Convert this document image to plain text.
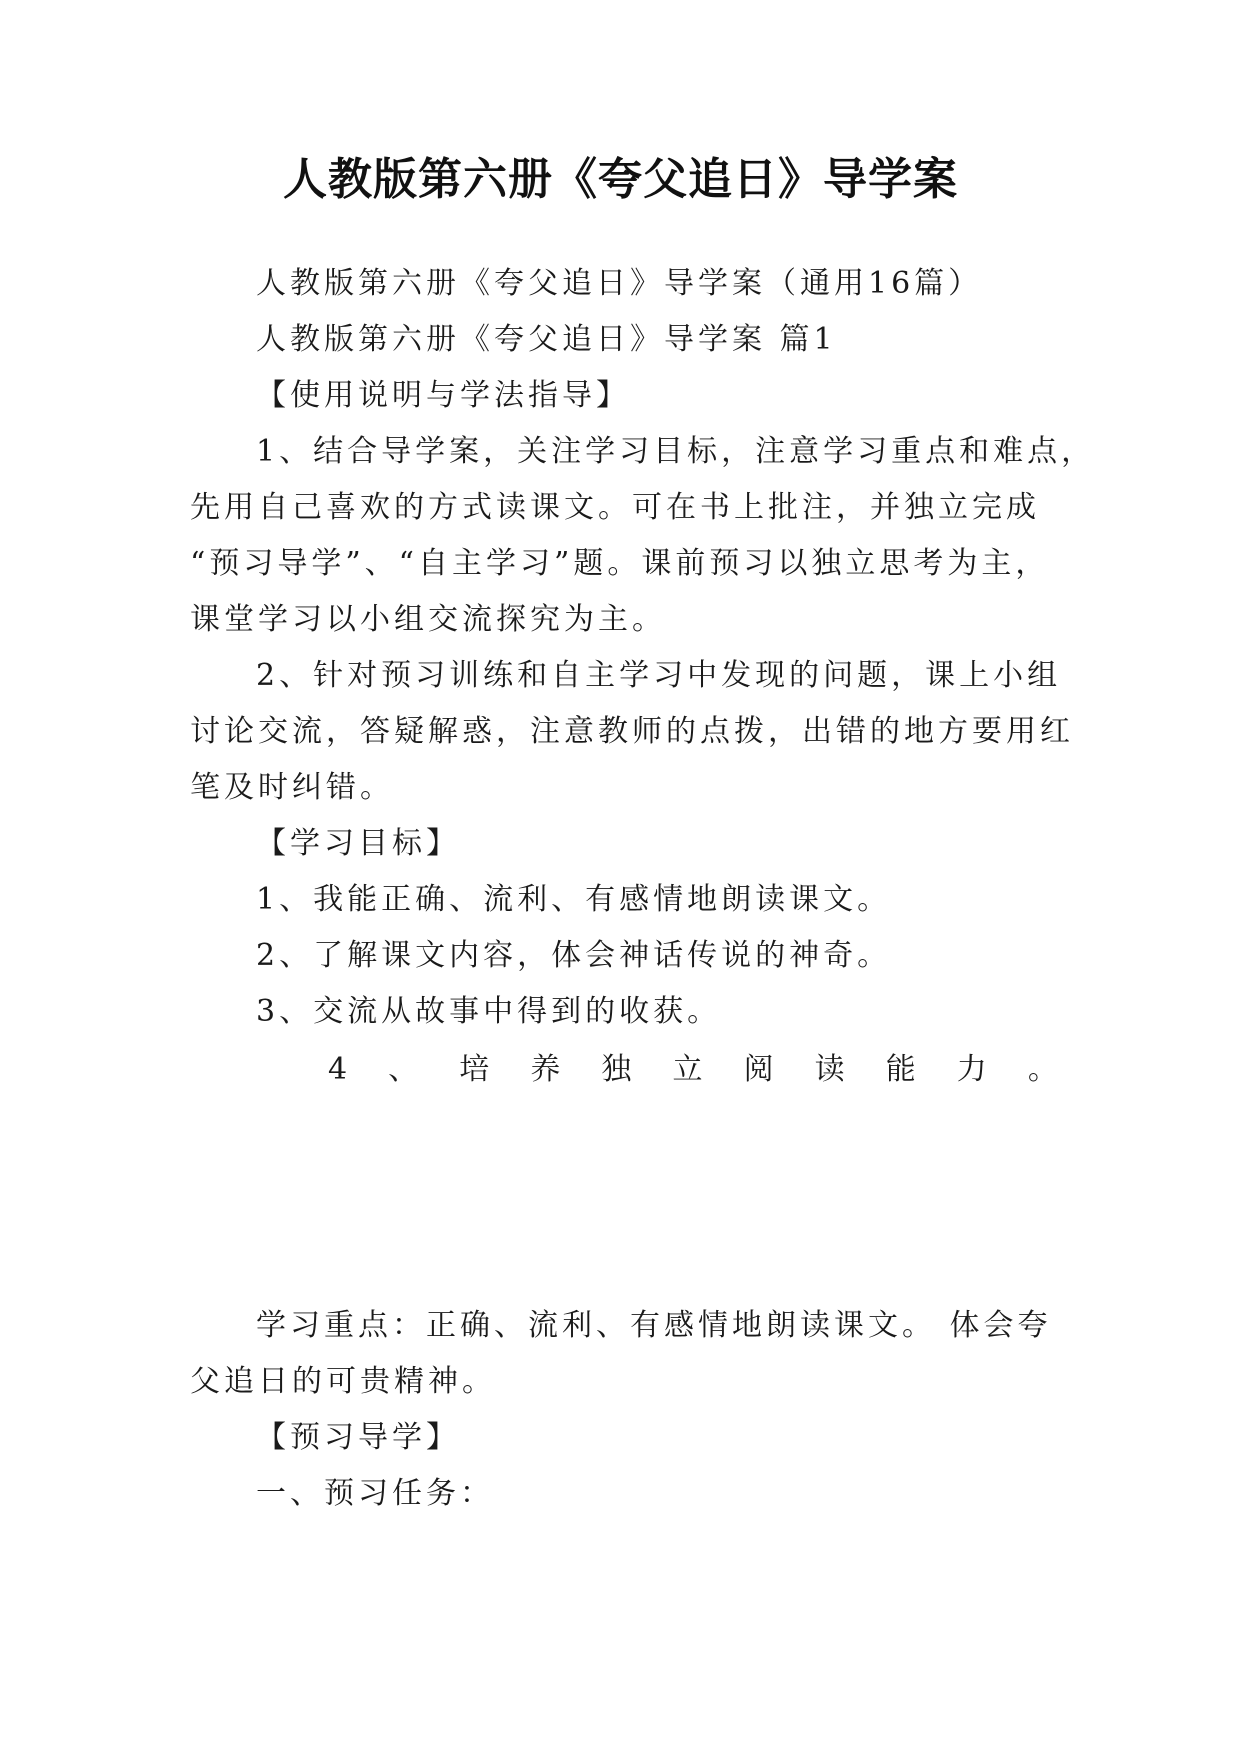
人教版第六册《夸父追日》导学案
人教版第六册《夸父追日》导学案（通用16篇）
人教版第六册《夸父追日》导学案 篇1
【使用说明与学法指导】
1、结合导学案，关注学习目标，注意学习重点和难点，
先用自己喜欢的方式读课文。可在书上批注，并独立完成
“预习导学”、“自主学习”题。课前预习以独立思考为主，
课堂学习以小组交流探究为主。
2、针对预习训练和自主学习中发现的问题，课上小组
讨论交流，答疑解惑，注意教师的点拨，出错的地方要用红
笔及时纠错。
【学习目标】
1、我能正确、流利、有感情地朗读课文。
2、了解课文内容，体会神话传说的神奇。
3、交流从故事中得到的收获。
4 、 培 养 独 立 阅 读 能 力 。
学习重点：正确、流利、有感情地朗读课文。 体会夸
父追日的可贵精神。
【预习导学】
一、预习任务：
